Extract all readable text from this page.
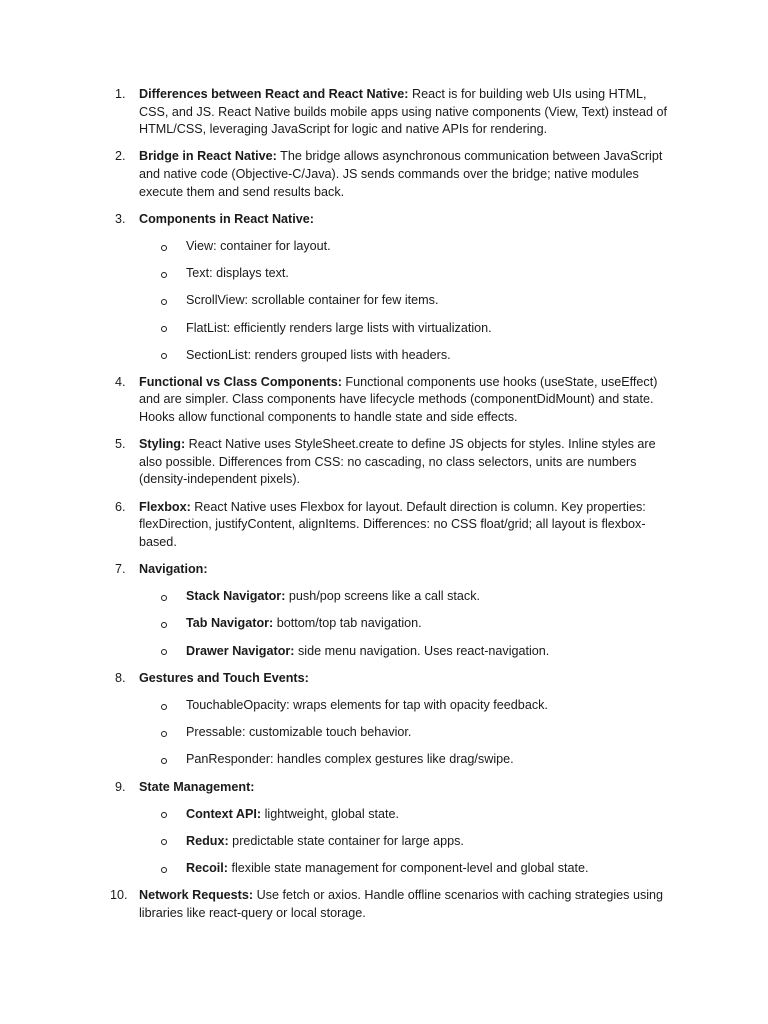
1.	Differences between React and React Native: React is for building web UIs using HTML, CSS, and JS. React Native builds mobile apps using native components (View, Text) instead of HTML/CSS, leveraging JavaScript for logic and native APIs for rendering.
2.	Bridge in React Native: The bridge allows asynchronous communication between JavaScript and native code (Objective-C/Java). JS sends commands over the bridge; native modules execute them and send results back.
3.	Components in React Native:
View: container for layout.
Text: displays text.
ScrollView: scrollable container for few items.
FlatList: efficiently renders large lists with virtualization.
SectionList: renders grouped lists with headers.
4.	Functional vs Class Components: Functional components use hooks (useState, useEffect) and are simpler. Class components have lifecycle methods (componentDidMount) and state. Hooks allow functional components to handle state and side effects.
5.	Styling: React Native uses StyleSheet.create to define JS objects for styles. Inline styles are also possible. Differences from CSS: no cascading, no class selectors, units are numbers (density-independent pixels).
6.	Flexbox: React Native uses Flexbox for layout. Default direction is column. Key properties: flexDirection, justifyContent, alignItems. Differences: no CSS float/grid; all layout is flexbox-based.
7.	Navigation:
Stack Navigator: push/pop screens like a call stack.
Tab Navigator: bottom/top tab navigation.
Drawer Navigator: side menu navigation. Uses react-navigation.
8.	Gestures and Touch Events:
TouchableOpacity: wraps elements for tap with opacity feedback.
Pressable: customizable touch behavior.
PanResponder: handles complex gestures like drag/swipe.
9.	State Management:
Context API: lightweight, global state.
Redux: predictable state container for large apps.
Recoil: flexible state management for component-level and global state.
10. Network Requests: Use fetch or axios. Handle offline scenarios with caching strategies using libraries like react-query or local storage.
